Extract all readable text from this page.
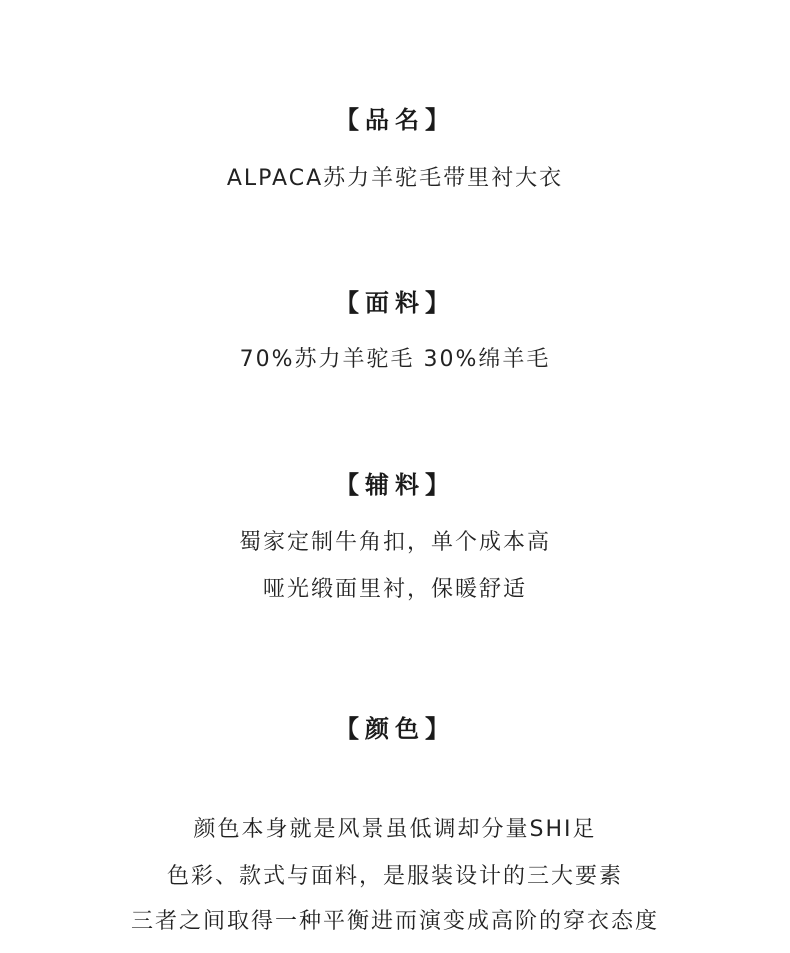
【品名】
ALPACA苏力羊驼毛带里衬大衣
【面料】
70%苏力羊驼毛 30%绵羊毛
【辅料】
蜀家定制牛角扣，单个成本高
哑光缎面里衬，保暖舒适
【颜色】
颜色本身就是风景虽低调却分量SHI足
色彩、款式与面料，是服装设计的三大要素
三者之间取得一种平衡进而演变成高阶的穿衣态度
